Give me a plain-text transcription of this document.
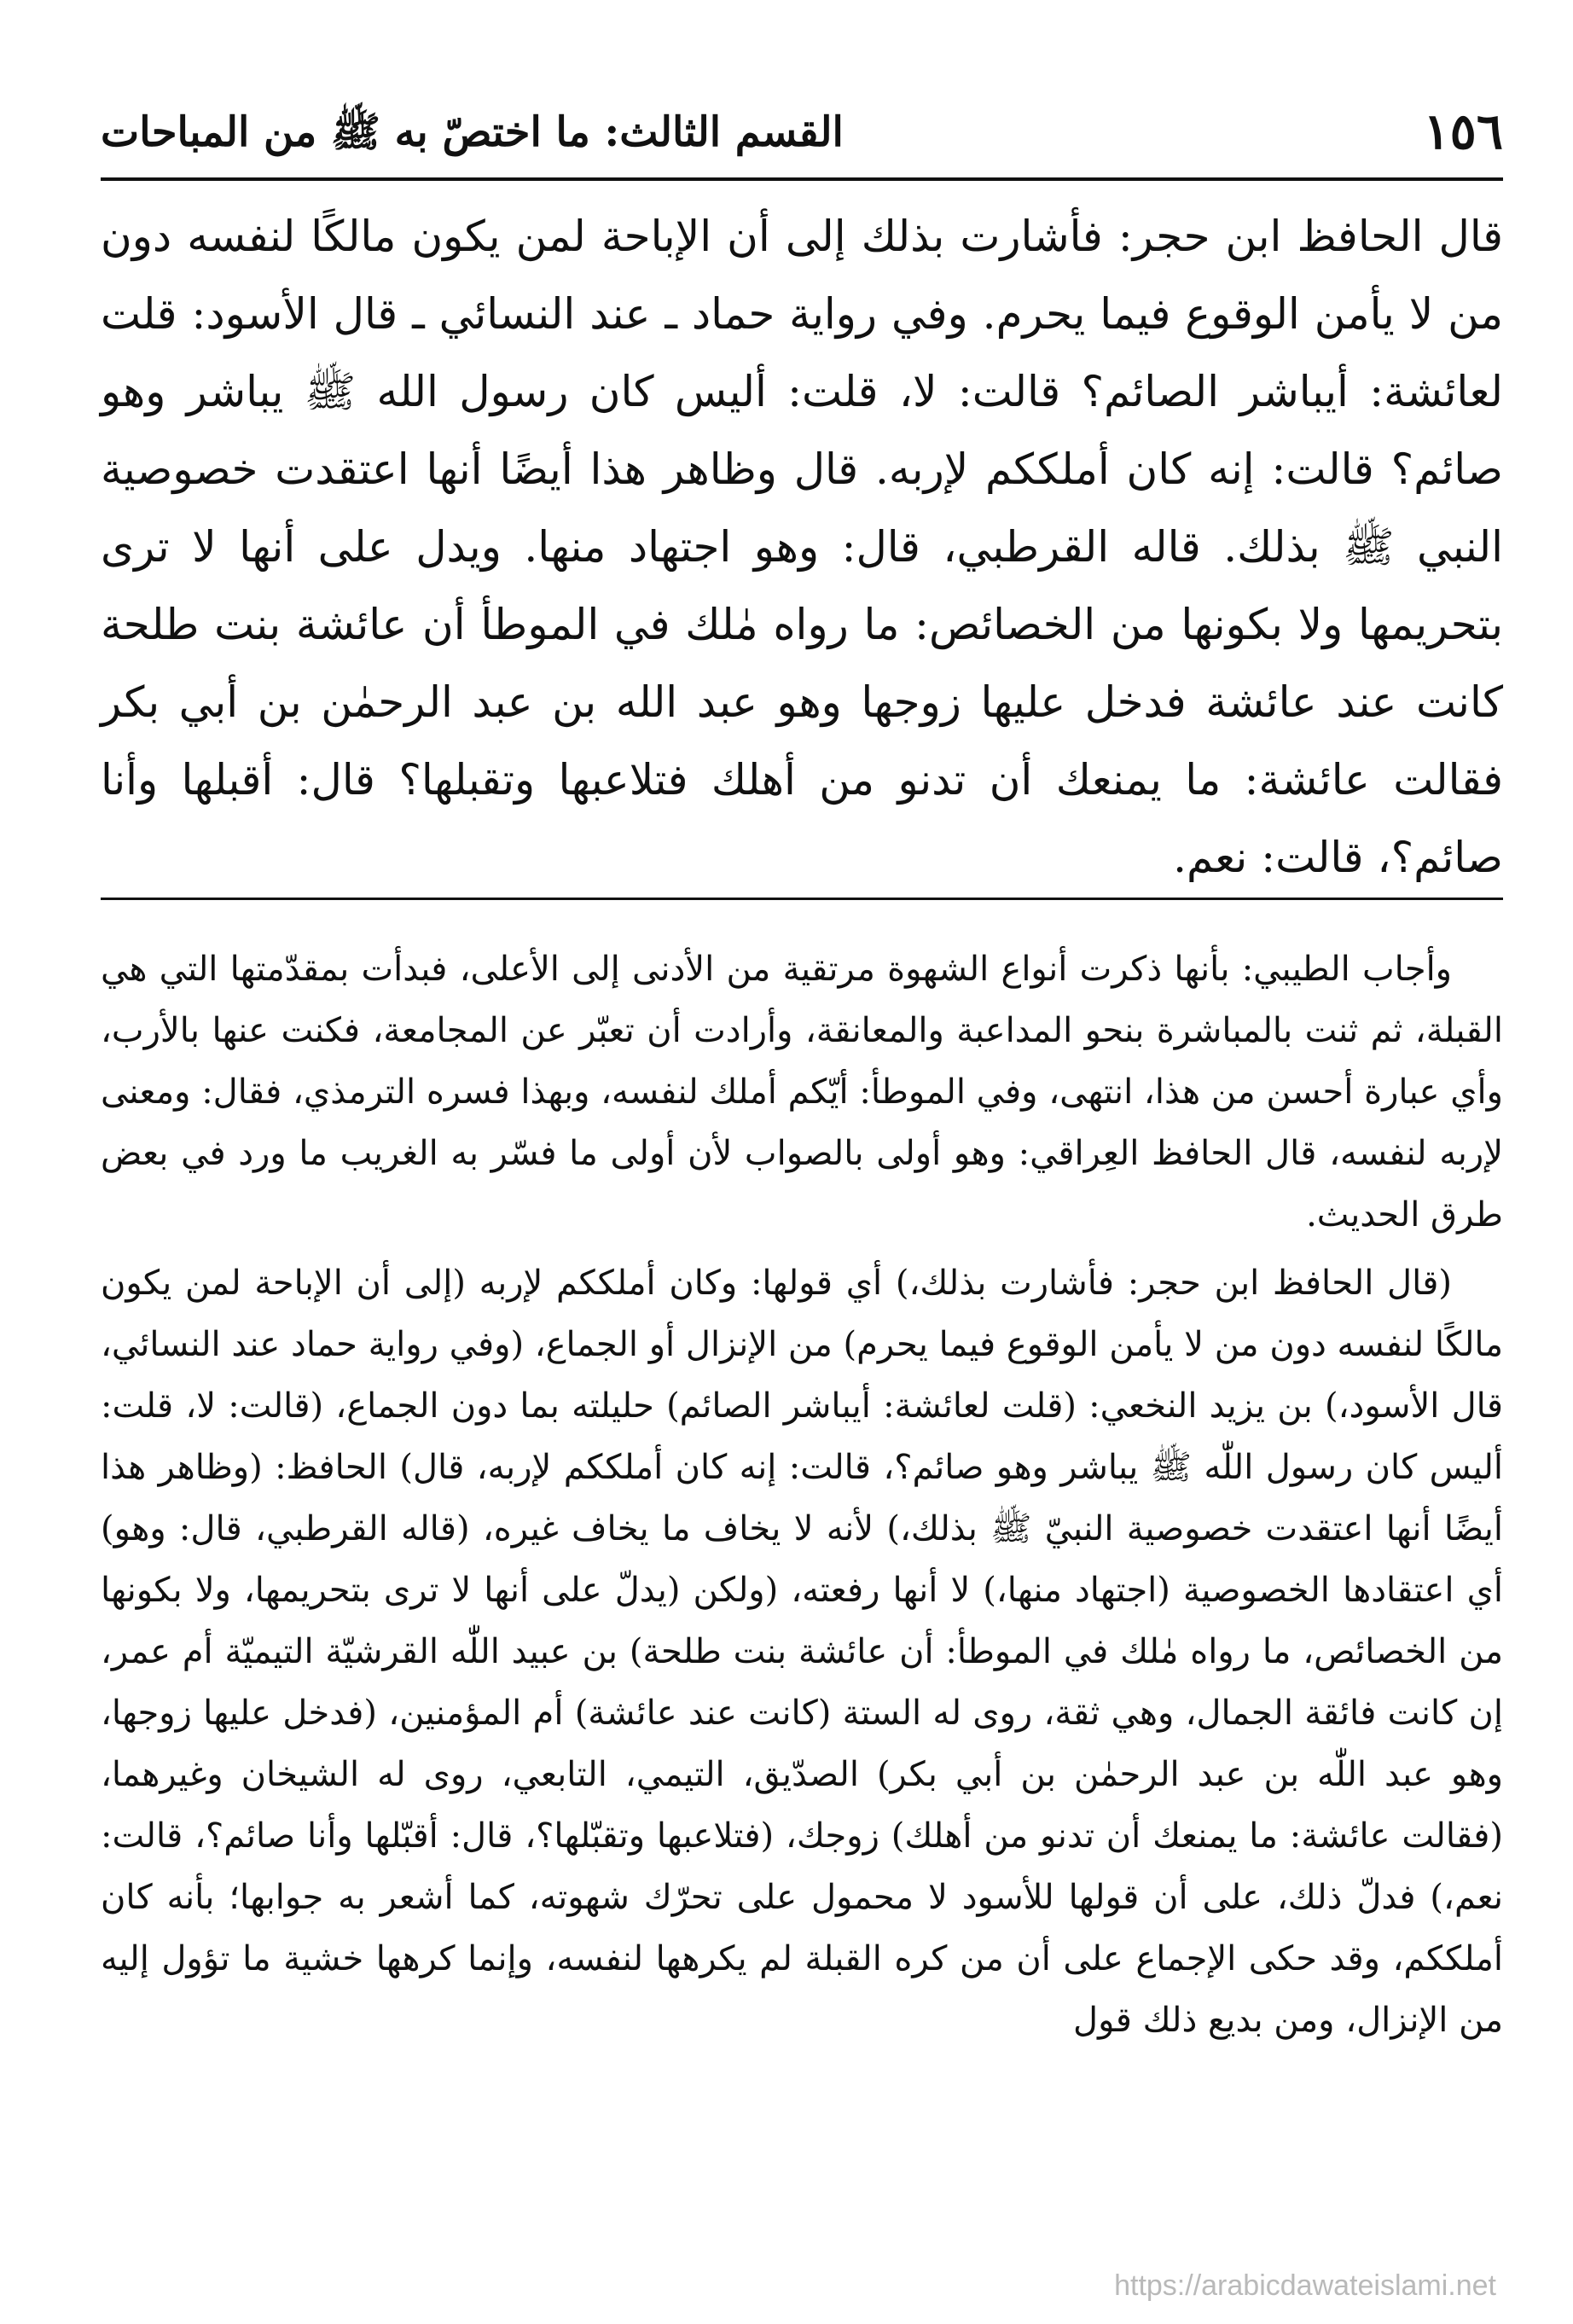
١٥٦
القسم الثالث: ما اختصّ به ﷺ من المباحات
قال الحافظ ابن حجر: فأشارت بذلك إلى أن الإباحة لمن يكون مالكًا لنفسه دون من لا يأمن الوقوع فيما يحرم. وفي رواية حماد ـ عند النسائي ـ قال الأسود: قلت لعائشة: أيباشر الصائم؟ قالت: لا، قلت: أليس كان رسول الله ﷺ يباشر وهو صائم؟ قالت: إنه كان أملككم لإربه. قال وظاهر هذا أيضًا أنها اعتقدت خصوصية النبي ﷺ بذلك. قاله القرطبي، قال: وهو اجتهاد منها. ويدل على أنها لا ترى بتحريمها ولا بكونها من الخصائص: ما رواه مٰلك في الموطأ أن عائشة بنت طلحة كانت عند عائشة فدخل عليها زوجها وهو عبد الله بن عبد الرحمٰن بن أبي بكر فقالت عائشة: ما يمنعك أن تدنو من أهلك فتلاعبها وتقبلها؟ قال: أقبلها وأنا صائم؟، قالت: نعم.

وأجاب الطيبي: بأنها ذكرت أنواع الشهوة مرتقية من الأدنى إلى الأعلى، فبدأت بمقدّمتها التي هي القبلة، ثم ثنت بالمباشرة بنحو المداعبة والمعانقة، وأرادت أن تعبّر عن المجامعة، فكنت عنها بالأرب، وأي عبارة أحسن من هذا، انتهى، وفي الموطأ: أيّكم أملك لنفسه، وبهذا فسره الترمذي، فقال: ومعنى لإربه لنفسه، قال الحافظ العِراقي: وهو أولى بالصواب لأن أولى ما فسّر به الغريب ما ورد في بعض طرق الحديث.

(قال الحافظ ابن حجر: فأشارت بذلك،) أي قولها: وكان أملككم لإربه (إلى أن الإباحة لمن يكون مالكًا لنفسه دون من لا يأمن الوقوع فيما يحرم) من الإنزال أو الجماع، (وفي رواية حماد عند النسائي، قال الأسود،) بن يزيد النخعي: (قلت لعائشة: أيباشر الصائم) حليلته بما دون الجماع، (قالت: لا، قلت: أليس كان رسول اللّٰه ﷺ يباشر وهو صائم؟، قالت: إنه كان أملككم لإربه، قال) الحافظ: (وظاهر هذا أيضًا أنها اعتقدت خصوصية النبيّ ﷺ بذلك،) لأنه لا يخاف ما يخاف غيره، (قاله القرطبي، قال: وهو) أي اعتقادها الخصوصية (اجتهاد منها،) لا أنها رفعته، (ولكن (يدلّ على أنها لا ترى بتحريمها، ولا بكونها من الخصائص، ما رواه مٰلك في الموطأ: أن عائشة بنت طلحة) بن عبيد اللّٰه القرشيّة التيميّة أم عمر، إن كانت فائقة الجمال، وهي ثقة، روى له الستة (كانت عند عائشة) أم المؤمنين، (فدخل عليها زوجها، وهو عبد اللّٰه بن عبد الرحمٰن بن أبي بكر) الصدّيق، التيمي، التابعي، روى له الشيخان وغيرهما، (فقالت عائشة: ما يمنعك أن تدنو من أهلك) زوجك، (فتلاعبها وتقبّلها؟، قال: أقبّلها وأنا صائم؟، قالت: نعم،) فدلّ ذلك، على أن قولها للأسود لا محمول على تحرّك شهوته، كما أشعر به جوابها؛ بأنه كان أملككم، وقد حكى الإجماع على أن من كره القبلة لم يكرهها لنفسه، وإنما كرهها خشية ما تؤول إليه من الإنزال، ومن بديع ذلك قول

https://arabicdawateislami.net
